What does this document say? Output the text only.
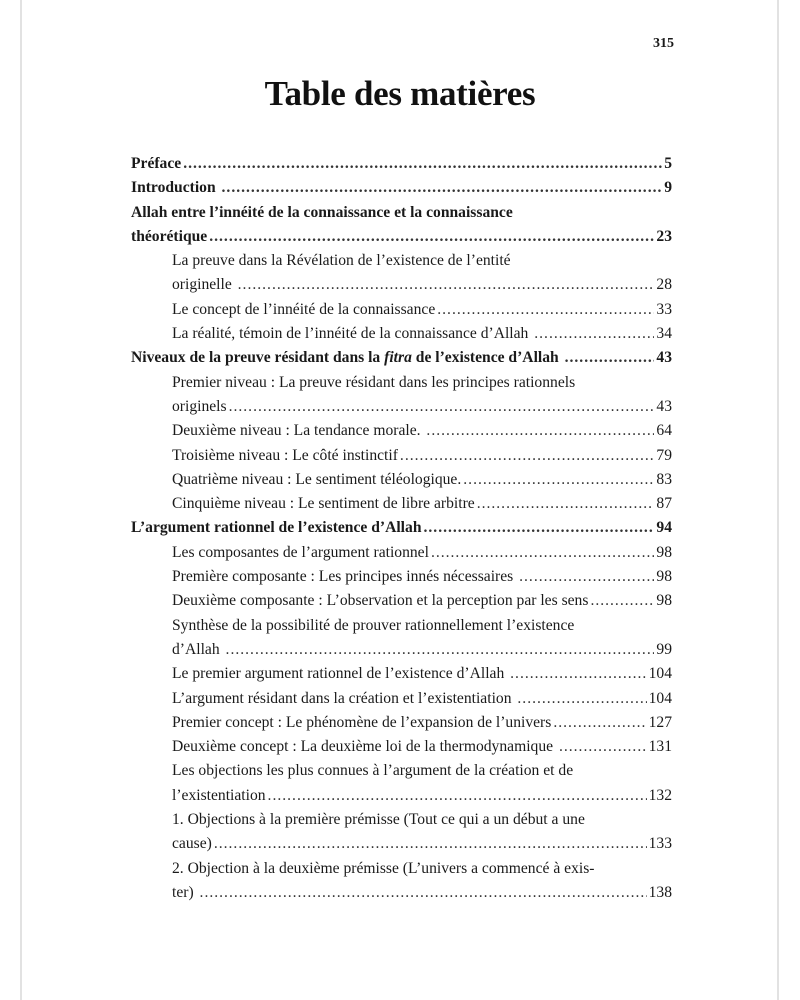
315
Table des matières
Préface .....	5
Introduction .....	9
Allah entre l’innéité de la connaissance et la connaissance
théorétique .....	23
La preuve dans la Révélation de l’existence de l’entité
originelle .....	28
Le concept de l’innéité de la connaissance .....	33
La réalité, témoin de l’innéité de la connaissance d’Allah .....	34
Niveaux de la preuve résidant dans la fitra de l’existence d’Allah .....	43
Premier niveau : La preuve résidant dans les principes rationnels
originels .....	43
Deuxième niveau : La tendance morale. .....	64
Troisième niveau : Le côté instinctif .....	79
Quatrième niveau : Le sentiment téléologique. .....	83
Cinquième niveau : Le sentiment de libre arbitre .....	87
L’argument rationnel de l’existence d’Allah .....	94
Les composantes de l’argument rationnel .....	98
Première composante : Les principes innés nécessaires .....	98
Deuxième composante : L’observation et la perception par les sens .....	98
Synthèse de la possibilité de prouver rationnellement l’existence
d’Allah .....	99
Le premier argument rationnel de l’existence d’Allah .....	104
L’argument résidant dans la création et l’existentiation .....	104
Premier concept : Le phénomène de l’expansion de l’univers .....	127
Deuxième concept : La deuxième loi de la thermodynamique .....	131
Les objections les plus connues à l’argument de la création et de
l’existentiation .....	132
1. Objections à la première prémisse (Tout ce qui a un début a une
cause) .....	133
2. Objection à la deuxième prémisse (L’univers a commencé à exis-
ter) .....	138
